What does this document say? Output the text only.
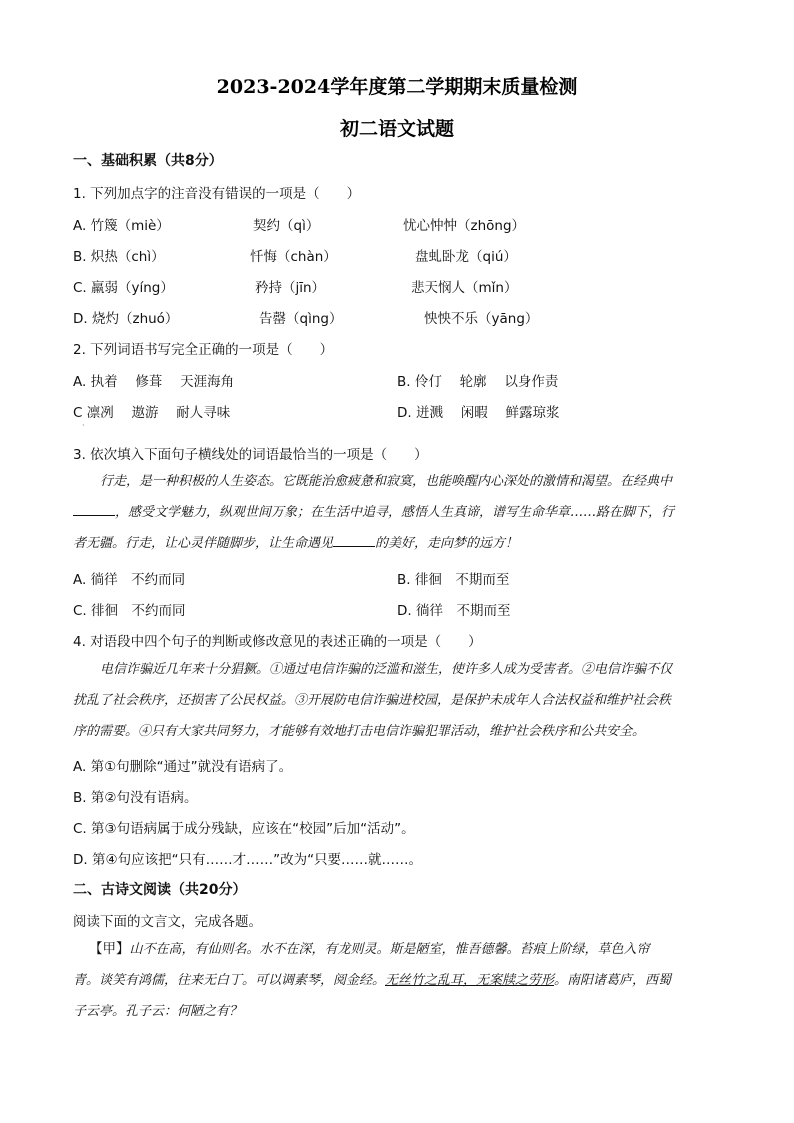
2023-2024学年度第二学期期末质量检测
初二语文试题
一、基础积累（共8分）
1. 下列加点字的注音没有错误的一项是（　　）
A. 竹篾（miè）	契约（qì）	忧心忡忡（zhōng）
B. 炽热（chì）	忏悔（chàn）	盘虬卧龙（qiú）
C. 羸弱（yíng）	矜持（jīn）	悲天悯人（mǐn）
D. 烧灼（zhuó）	告罄（qìng）	怏怏不乐（yāng）
2. 下列词语书写完全正确的一项是（　　）
A. 执着　 修葺　 天涯海角	B. 伶仃　 轮廓　 以身作责
C 凛冽　 遨游　 耐人寻味	D. 迸溅　 闲暇　 鲜露琼浆
·
3. 依次填入下面句子横线处的词语最恰当的一项是（　　）
行走，是一种积极的人生姿态。它既能治愈疲惫和寂寞，也能唤醒内心深处的激情和渴望。在经典中
，感受文学魅力，纵观世间万象；在生活中追寻，感悟人生真谛，谱写生命华章……路在脚下，行
者无疆。行走，让心灵伴随脚步，让生命遇见	的美好，走向梦的远方！
A. 徜徉　不约而同	B. 徘徊　不期而至
C. 徘徊　不约而同	D. 徜徉　不期而至
4. 对语段中四个句子的判断或修改意见的表述正确的一项是（　　）
电信诈骗近几年来十分猖獗。①通过电信诈骗的泛滥和滋生，使许多人成为受害者。②电信诈骗不仅
扰乱了社会秩序，还损害了公民权益。③开展防电信诈骗进校园，是保护未成年人合法权益和维护社会秩
序的需要。④只有大家共同努力，才能够有效地打击电信诈骗犯罪活动，维护社会秩序和公共安全。
A. 第①句删除“通过”就没有语病了。
B. 第②句没有语病。
C. 第③句语病属于成分残缺，应该在“校园”后加“活动”。
D. 第④句应该把“只有……才……”改为“只要……就……。
二、古诗文阅读（共20分）
阅读下面的文言文，完成各题。
【甲】山不在高，有仙则名。水不在深，有龙则灵。斯是陋室，惟吾德馨。苔痕上阶绿，草色入帘
青。谈笑有鸿儒，往来无白丁。可以调素琴，阅金经。无丝竹之乱耳，无案牍之劳形。南阳诸葛庐，西蜀
子云亭。孔子云：何陋之有？
